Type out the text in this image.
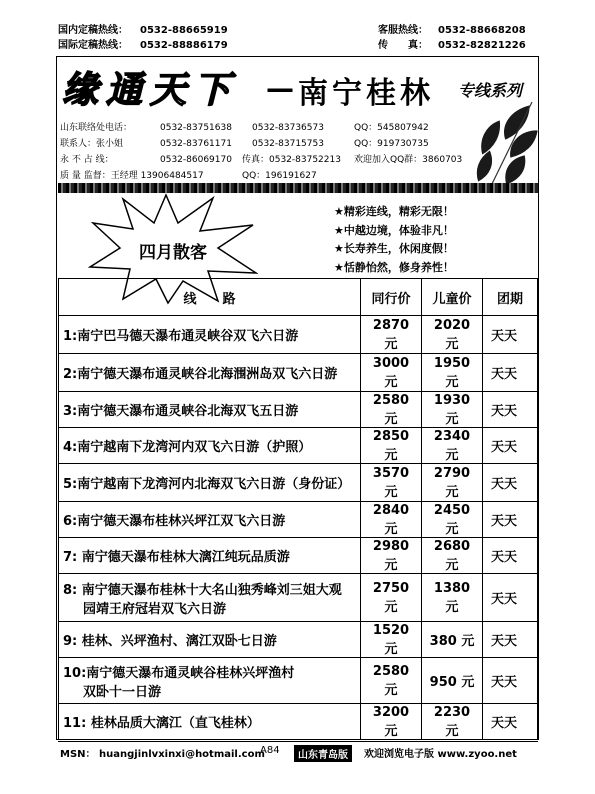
国内定稿热线： 0532-88665919
国际定稿热线： 0532-88886179
客服热线： 0532-88668208
传　　真： 0532-82821226
缘通天下 — 南宁桂林 专线系列
山东联络处电话：	0532-83751638 0532-83736573	QQ：545807942
联系人：张小姐	0532-83761171 0532-83715753	QQ：919730735
永 不 占 线：	0532-86069170 传真：0532-83752213 欢迎加入QQ群：3860703
质 量 监督：王经理 13906484517	QQ：196191627
四月散客
★ 精彩连线，精彩无限！
★ 中越边境，体验非凡！
★ 长寿养生，休闲度假！
★ 恬静怡然，修身养性！
线　　路	同行价	儿童价	团期

1:南宁巴马德天瀑布通灵峡谷双飞六日游	2870 元	2020 元	天天

2:南宁德天瀑布通灵峡谷北海涠洲岛双飞六日游	3000 元	1950 元	天天

3:南宁德天瀑布通灵峡谷北海双飞五日游	2580 元	1930 元	天天

4:南宁越南下龙湾河内双飞六日游（护照）	2850 元	2340 元	天天

5:南宁越南下龙湾河内北海双飞六日游（身份证）	3570 元	2790 元	天天

6:南宁德天瀑布桂林兴坪江双飞六日游	2840 元	2450 元	天天

7: 南宁德天瀑布桂林大漓江纯玩品质游	2980 元	2680 元	天天

8: 南宁德天瀑布桂林十大名山独秀峰刘三姐大观
园靖王府冠岩双飞六日游	2750 元	1380 元	天天

9: 桂林、兴坪渔村、漓江双卧七日游	1520 元	380 元	天天

10:南宁德天瀑布通灵峡谷桂林兴坪渔村
双卧十一日游	2580 元	950 元	天天

11: 桂林品质大漓江（直飞桂林）	3200 元	2230 元	天天
MSN： huangjinlvxinxi@hotmail.com
A84	山东青岛版	欢迎浏览电子版 www.zyoo.net
